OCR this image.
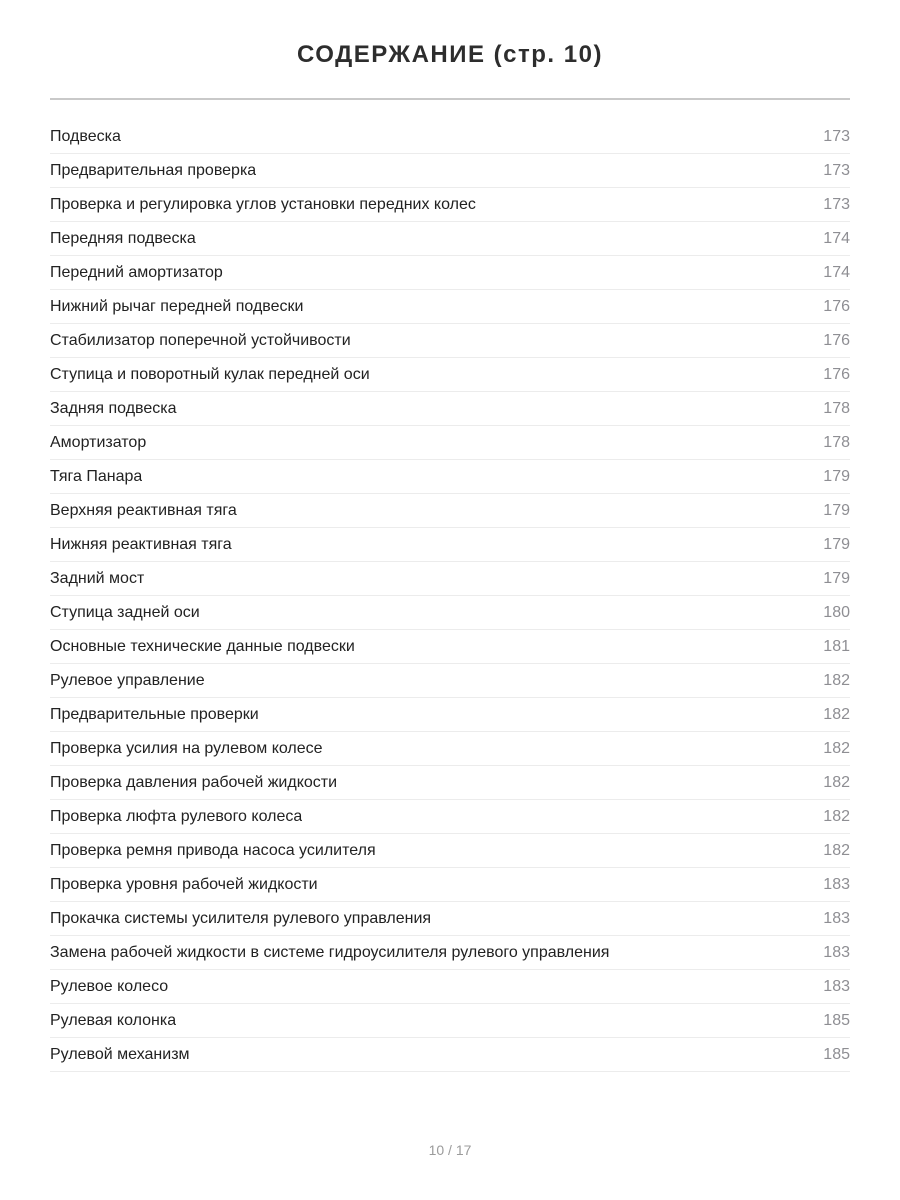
СОДЕРЖАНИЕ (стр. 10)
Подвеска	173
Предварительная проверка	173
Проверка и регулировка углов установки передних колес	173
Передняя подвеска	174
Передний амортизатор	174
Нижний рычаг передней подвески	176
Стабилизатор поперечной устойчивости	176
Ступица и поворотный кулак передней оси	176
Задняя подвеска	178
Амортизатор	178
Тяга Панара	179
Верхняя реактивная тяга	179
Нижняя реактивная тяга	179
Задний мост	179
Ступица задней оси	180
Основные технические данные подвески	181
Рулевое управление	182
Предварительные проверки	182
Проверка усилия на рулевом колесе	182
Проверка давления рабочей жидкости	182
Проверка люфта рулевого колеса	182
Проверка ремня привода насоса усилителя	182
Проверка уровня рабочей жидкости	183
Прокачка системы усилителя рулевого управления	183
Замена рабочей жидкости в системе гидроусилителя рулевого управления	183
Рулевое колесо	183
Рулевая колонка	185
Рулевой механизм	185
10 / 17
